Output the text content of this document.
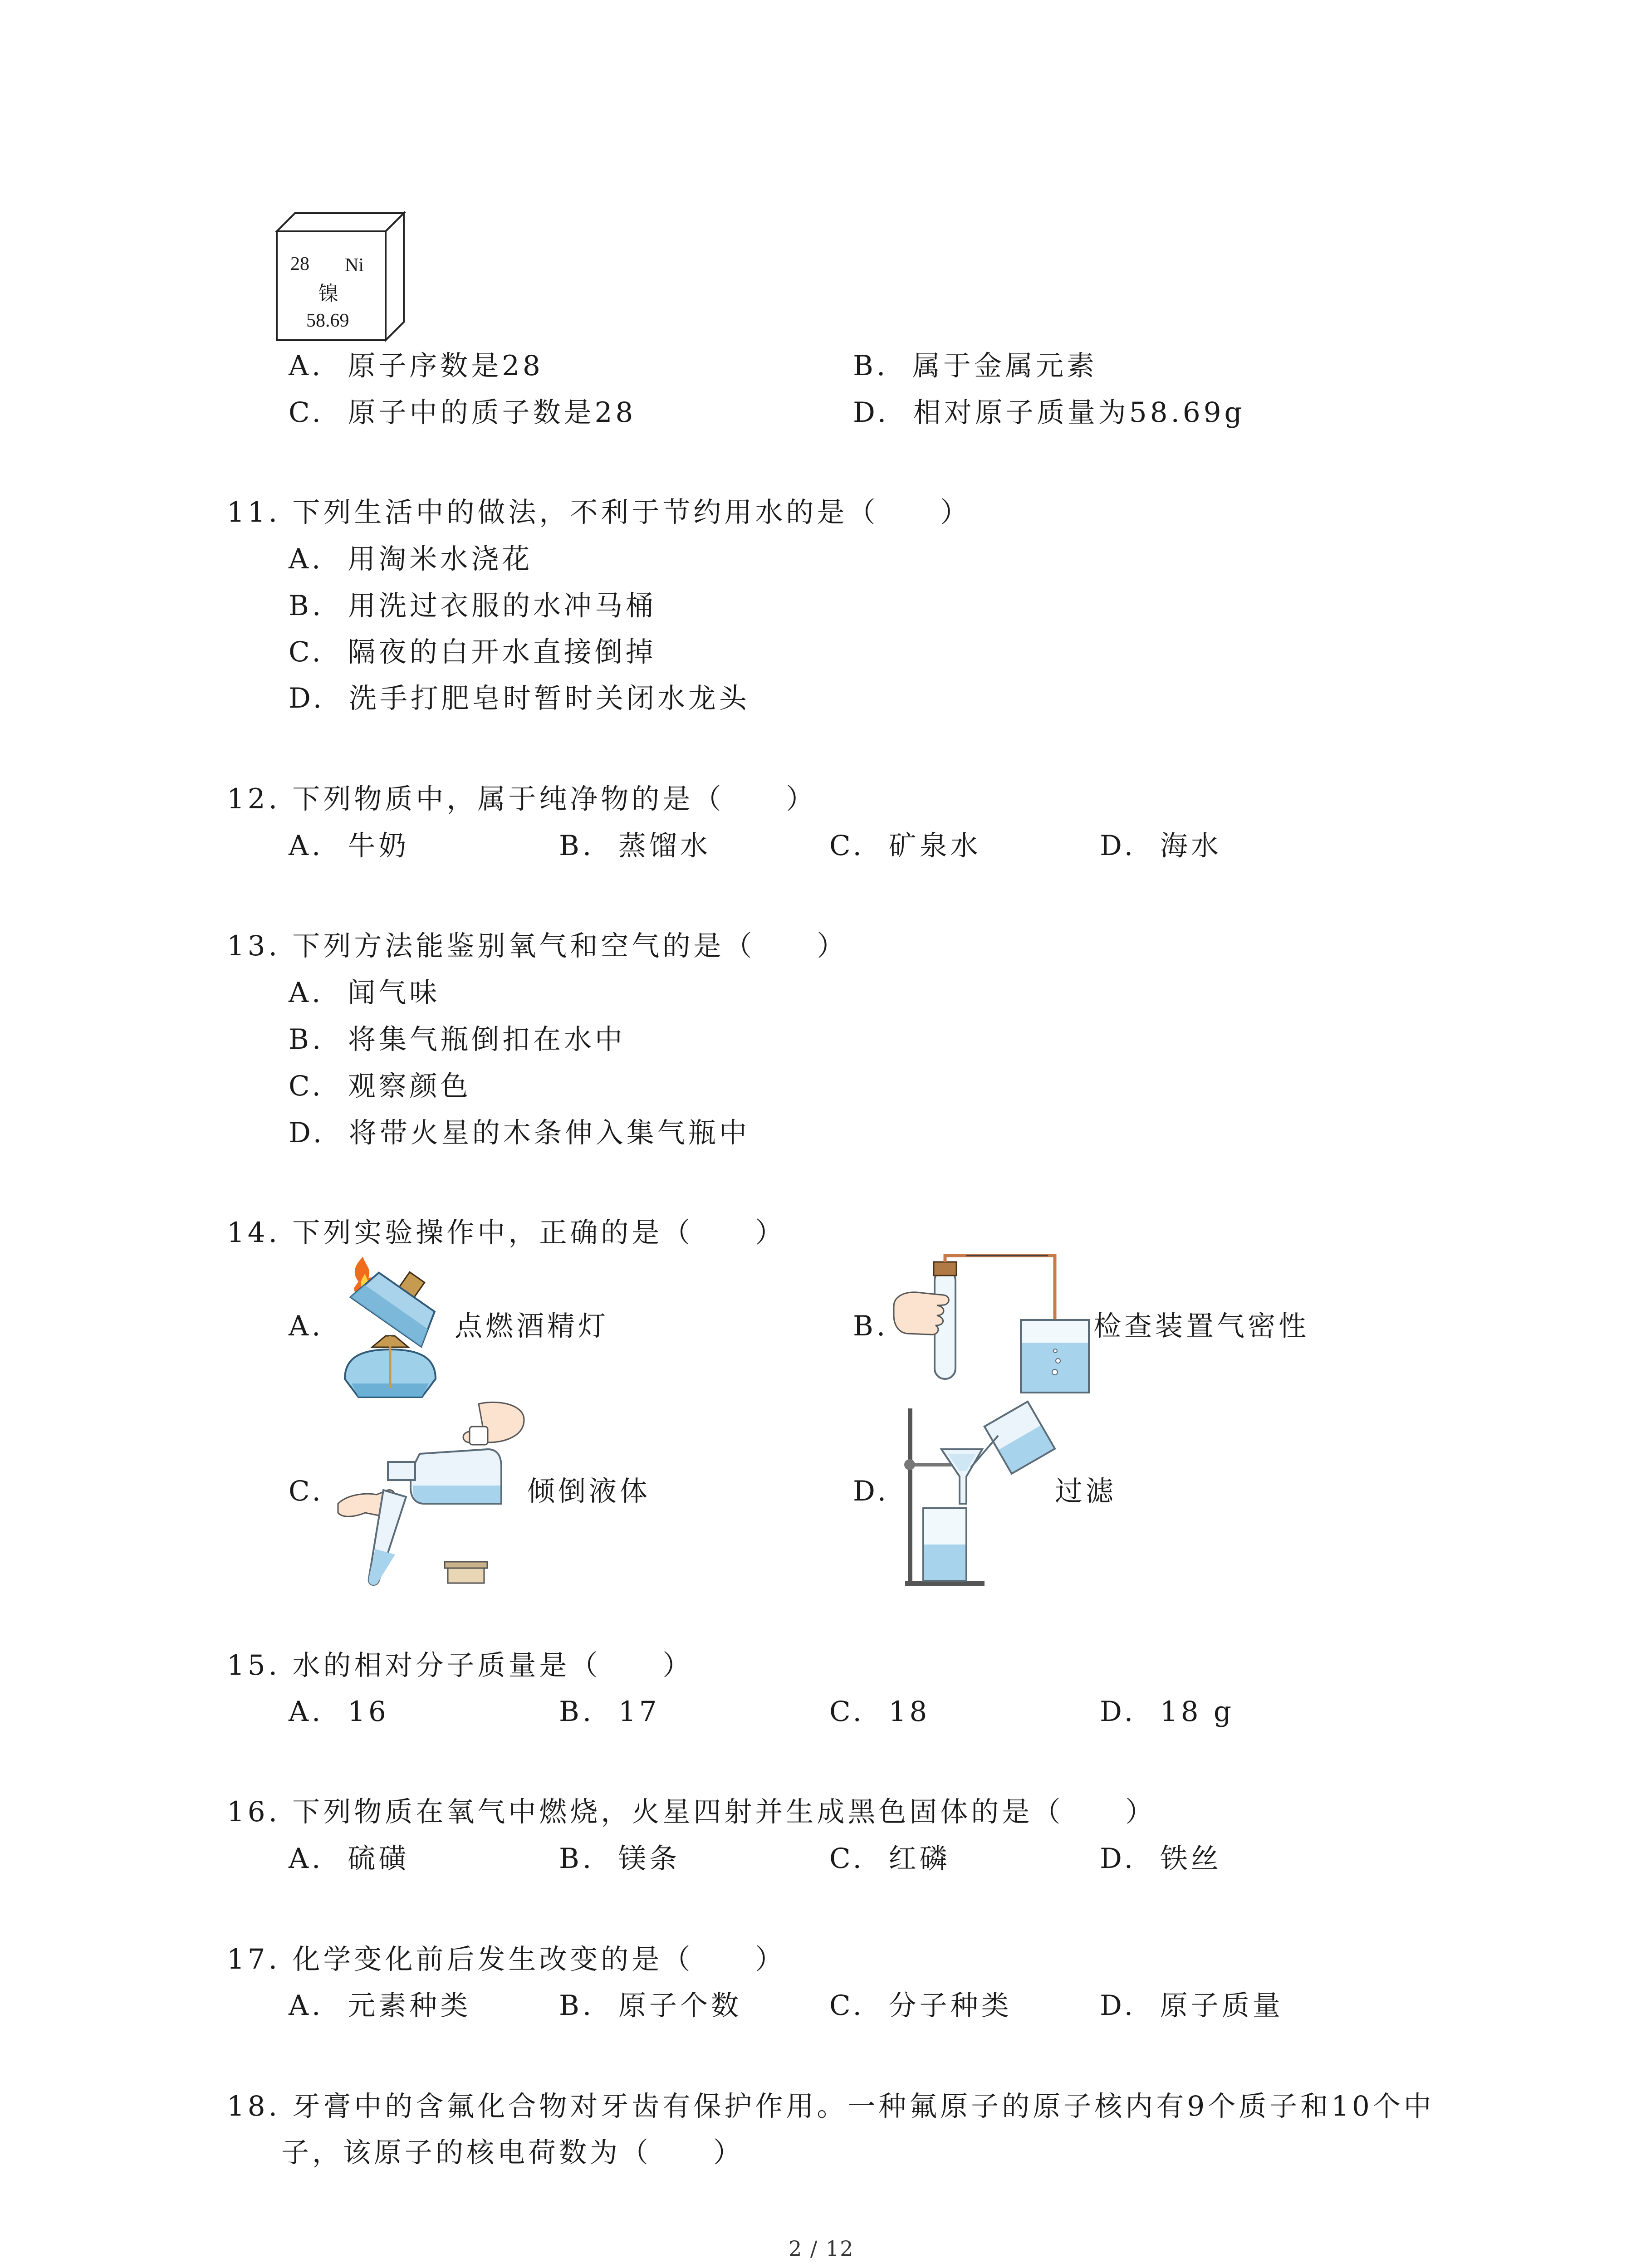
28 Ni
镍
58.69
A. 原子序数是28	B. 属于金属元素
C. 原子中的质子数是28	D. 相对原子质量为58.69g
11. 下列生活中的做法，不利于节约用水的是（　　）
A. 用淘米水浇花
B. 用洗过衣服的水冲马桶
C. 隔夜的白开水直接倒掉
D. 洗手打肥皂时暂时关闭水龙头
12. 下列物质中，属于纯净物的是（　　）
A. 牛奶	B. 蒸馏水	C. 矿泉水	D. 海水
13. 下列方法能鉴别氧气和空气的是（　　）
A. 闻气味
B. 将集气瓶倒扣在水中
C. 观察颜色
D. 将带火星的木条伸入集气瓶中
14. 下列实验操作中，正确的是（　　）
A.	点燃酒精灯	B.	检查装置气密性
C.	倾倒液体	D.	过滤
15. 水的相对分子质量是（　　）
A. 16	B. 17	C. 18	D. 18 g
16. 下列物质在氧气中燃烧，火星四射并生成黑色固体的是（　　）
A. 硫磺	B. 镁条	C. 红磷	D. 铁丝
17. 化学变化前后发生改变的是（　　）
A. 元素种类	B. 原子个数	C. 分子种类	D. 原子质量
18. 牙膏中的含氟化合物对牙齿有保护作用。一种氟原子的原子核内有9个质子和10个中
子，该原子的核电荷数为（　　）
2 / 12
